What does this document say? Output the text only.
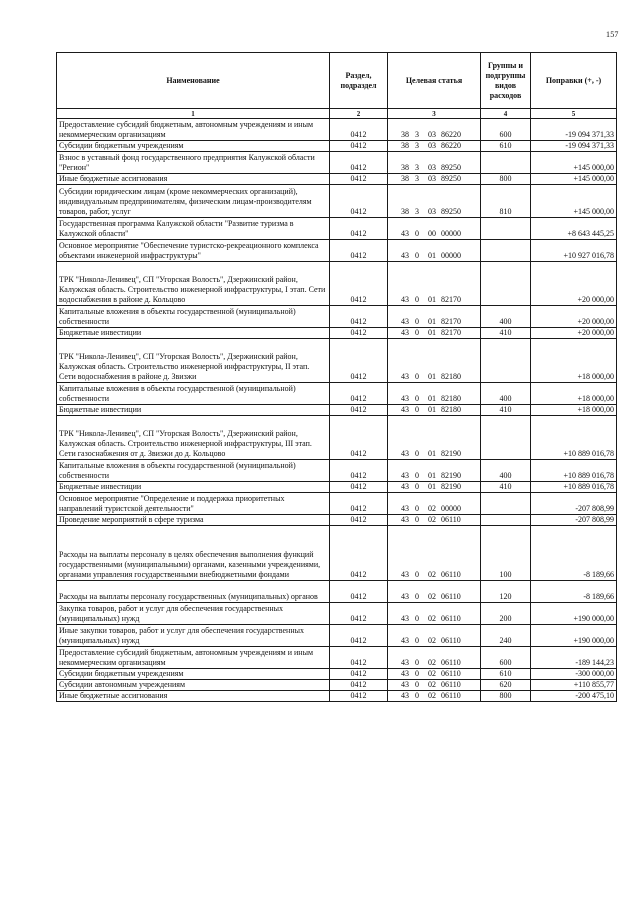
157
Наименование	Раздел, подраздел	Целевая статья	Группы и подгруппы видов расходов	Поправки (+, -)
1	2	3	4	5
Предоставление субсидий бюджетным, автономным учреждениям и иным некоммерческим организациям	0412	38 3 03 86220	600	-19 094 371,33
Субсидии бюджетным учреждениям	0412	38 3 03 86220	610	-19 094 371,33
Взнос в уставный фонд государственного предприятия Калужской области "Регион"	0412	38 3 03 89250		+145 000,00
Иные бюджетные ассигнования	0412	38 3 03 89250	800	+145 000,00
Субсидии юридическим лицам (кроме некоммерческих организаций), индивидуальным предпринимателям, физическим лицам-производителям товаров, работ, услуг	0412	38 3 03 89250	810	+145 000,00
Государственная программа Калужской области "Развитие туризма в Калужской области"	0412	43 0 00 00000		+8 643 445,25
Основное мероприятие "Обеспечение туристско-рекреационного комплекса объектами инженерной инфраструктуры"	0412	43 0 01 00000		+10 927 016,78
ТРК "Никола-Ленивец", СП "Угорская Волость", Дзержинский район, Калужская область. Строительство инженерной инфраструктуры, I этап. Сети водоснабжения в районе д. Кольцово	0412	43 0 01 82170		+20 000,00
Капитальные вложения в объекты государственной (муниципальной) собственности	0412	43 0 01 82170	400	+20 000,00
Бюджетные инвестиции	0412	43 0 01 82170	410	+20 000,00
ТРК "Никола-Ленивец", СП "Угорская Волость", Дзержинский район, Калужская область. Строительство инженерной инфраструктуры, II этап. Сети водоснабжения в районе д. Звизжи	0412	43 0 01 82180		+18 000,00
Капитальные вложения в объекты государственной (муниципальной) собственности	0412	43 0 01 82180	400	+18 000,00
Бюджетные инвестиции	0412	43 0 01 82180	410	+18 000,00
ТРК "Никола-Ленивец", СП "Угорская Волость", Дзержинский район, Калужская область. Строительство инженерной инфраструктуры, III этап. Сети газоснабжения от д. Звизжи до д. Кольцово	0412	43 0 01 82190		+10 889 016,78
Капитальные вложения в объекты государственной (муниципальной) собственности	0412	43 0 01 82190	400	+10 889 016,78
Бюджетные инвестиции	0412	43 0 01 82190	410	+10 889 016,78
Основное мероприятие "Определение и поддержка приоритетных направлений туристской деятельности"	0412	43 0 02 00000		-207 808,99
Проведение мероприятий в сфере туризма	0412	43 0 02 06110		-207 808,99
Расходы на выплаты персоналу в целях обеспечения выполнения функций государственными (муниципальными) органами, казенными учреждениями, органами управления государственными внебюджетными фондами	0412	43 0 02 06110	100	-8 189,66
Расходы на выплаты персоналу государственных (муниципальных) органов	0412	43 0 02 06110	120	-8 189,66
Закупка товаров, работ и услуг для обеспечения государственных (муниципальных) нужд	0412	43 0 02 06110	200	+190 000,00
Иные закупки товаров, работ и услуг для обеспечения государственных (муниципальных) нужд	0412	43 0 02 06110	240	+190 000,00
Предоставление субсидий бюджетным, автономным учреждениям и иным некоммерческим организациям	0412	43 0 02 06110	600	-189 144,23
Субсидии бюджетным учреждениям	0412	43 0 02 06110	610	-300 000,00
Субсидии автономным учреждениям	0412	43 0 02 06110	620	+110 855,77
Иные бюджетные ассигнования	0412	43 0 02 06110	800	-200 475,10
